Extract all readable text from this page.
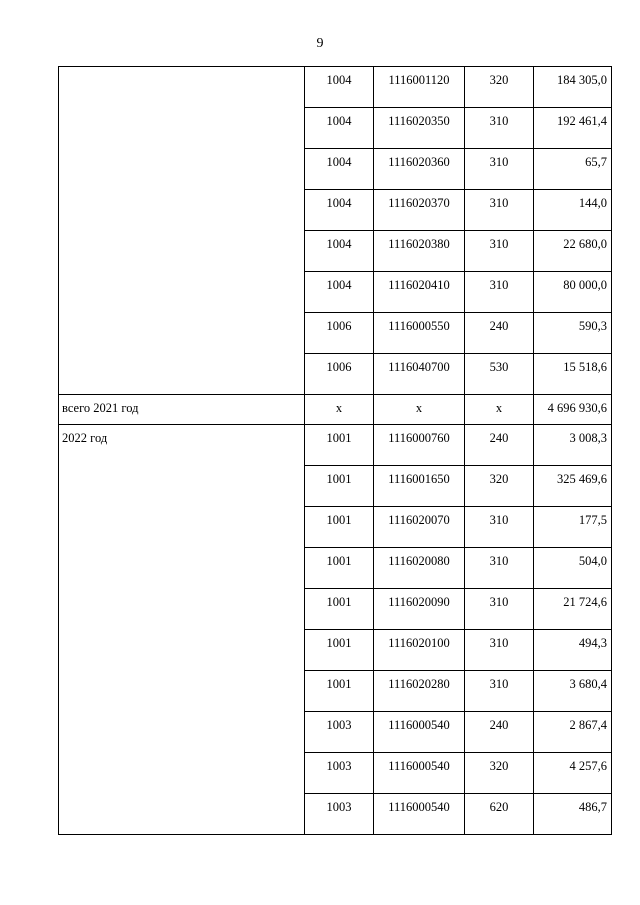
9
	1004	1116001120	320	184 305,0
	1004	1116020350	310	192 461,4
	1004	1116020360	310	65,7
	1004	1116020370	310	144,0
	1004	1116020380	310	22 680,0
	1004	1116020410	310	80 000,0
	1006	1116000550	240	590,3
	1006	1116040700	530	15 518,6
всего 2021 год	x	x	x	4 696 930,6
2022 год	1001	1116000760	240	3 008,3
	1001	1116001650	320	325 469,6
	1001	1116020070	310	177,5
	1001	1116020080	310	504,0
	1001	1116020090	310	21 724,6
	1001	1116020100	310	494,3
	1001	1116020280	310	3 680,4
	1003	1116000540	240	2 867,4
	1003	1116000540	320	4 257,6
	1003	1116000540	620	486,7
